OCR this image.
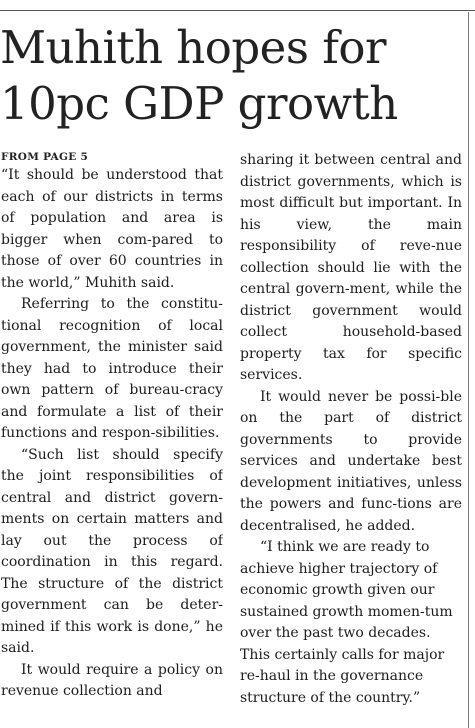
Muhith hopes for 10pc GDP growth
FROM PAGE 5

“It should be understood that each of our districts in terms of population and area is bigger when com-pared to those of over 60 countries in the world,” Muhith said.

Referring to the constitu-tional recognition of local government, the minister said they had to introduce their own pattern of bureau-cracy and formulate a list of their functions and respon-sibilities.

“Such list should specify the joint responsibilities of central and district govern-ments on certain matters and lay out the process of coordination in this regard. The structure of the district government can be deter-mined if this work is done,” he said.

It would require a policy on revenue collection and

sharing it between central and district governments, which is most difficult but important. In his view, the main responsibility of reve-nue collection should lie with the central govern-ment, while the district government would collect household-based property tax for specific services.

It would never be possi-ble on the part of district governments to provide services and undertake best development initiatives, unless the powers and func-tions are decentralised, he added.

“I think we are ready to achieve higher trajectory of economic growth given our sustained growth momen-tum over the past two decades. This certainly calls for major re-haul in the governance structure of the country.”
